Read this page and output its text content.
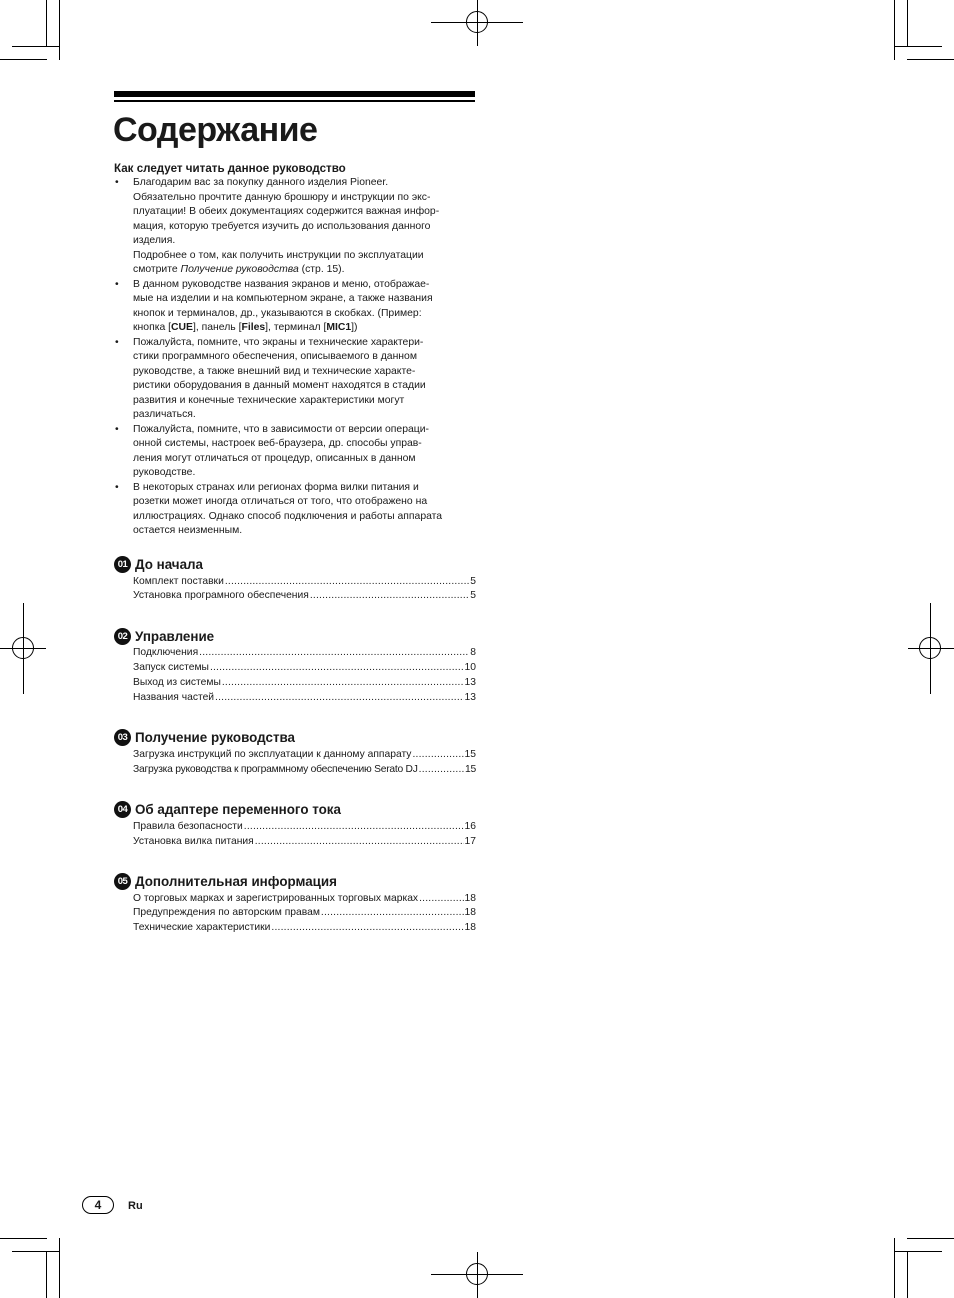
Содержание
Как следует читать данное руководство
• Благодарим вас за покупку данного изделия Pioneer.
Обязательно прочтите данную брошюру и инструкции по экс-
плуатации! В обеих документациях содержится важная инфор-
мация, которую требуется изучить до использования данного
изделия.
Подробнее о том, как получить инструкции по эксплуатации
смотрите Получение руководства (стр. 15).
• В данном руководстве названия экранов и меню, отображае-
мые на изделии и на компьютерном экране, а также названия
кнопок и терминалов, др., указываются в скобках. (Пример:
кнопка [CUE], панель [Files], терминал [MIC1])
• Пожалуйста, помните, что экраны и технические характери-
стики программного обеспечения, описываемого в данном
руководстве, а также внешний вид и технические характе-
ристики оборудования в данный момент находятся в стадии
развития и конечные технические характеристики могут
различаться.
• Пожалуйста, помните, что в зависимости от версии операци-
онной системы, настроек веб-браузера, др. способы управ-
ления могут отличаться от процедур, описанных в данном
руководстве.
• В некоторых странах или регионах форма вилки питания и
розетки может иногда отличаться от того, что отображено на
иллюстрациях. Однако способ подключения и работы аппарата
остается неизменным.
01 До начала
Комплект поставки .....	5
Установка програмного обеспечения .....	5
02 Управление
Подключения .....	8
Запуск системы .....	10
Выход из системы .....	13
Названия частей .....	13
03 Получение руководства
Загрузка инструкций по эксплуатации к данному аппарату .....	15
Загрузка руководства к программному обеспечению Serato DJ .....	15
04 Об адаптере переменного тока
Правила безопасности .....	16
Установка вилка питания .....	17
05 Дополнительная информация
О торговых марках и зарегистрированных торговых марках .....	18
Предупреждения по авторским правам .....	18
Технические характеристики .....	18
4	Ru
